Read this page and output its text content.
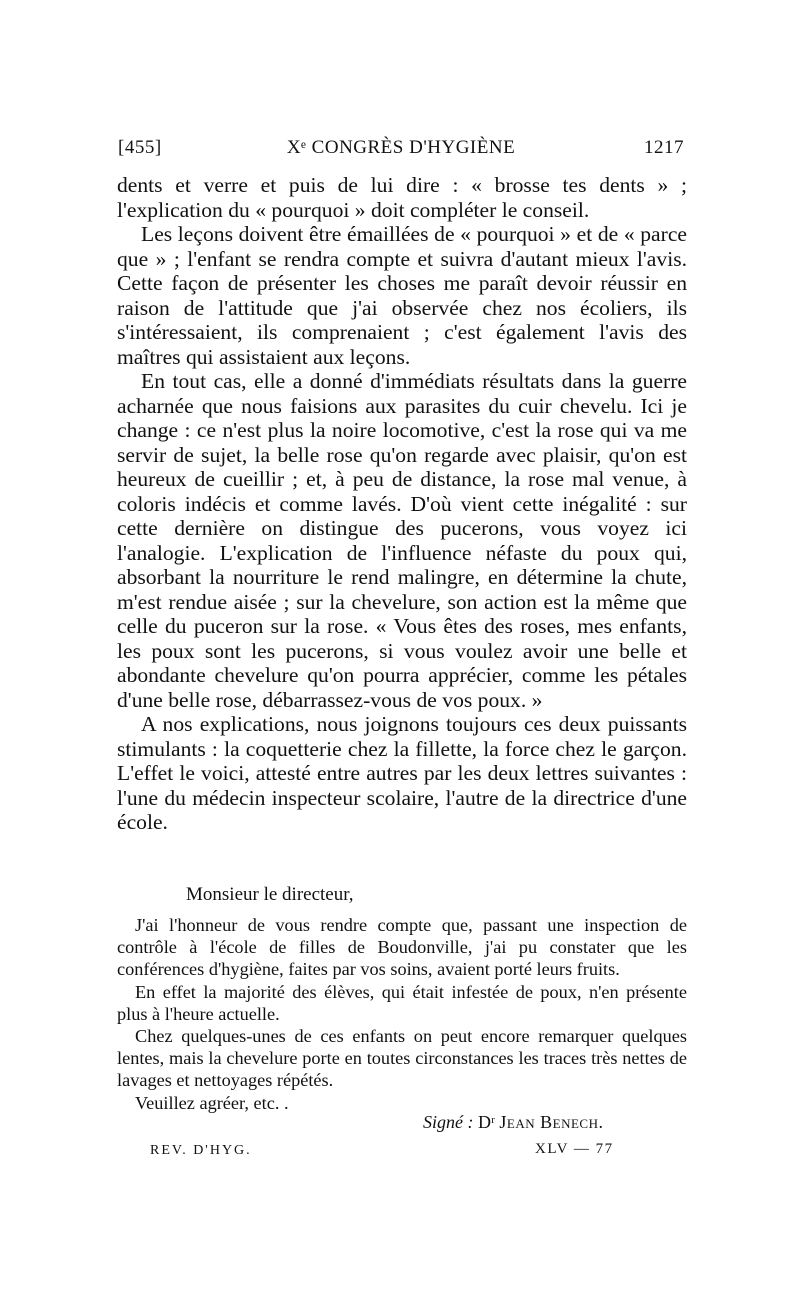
[455]	Xᵉ CONGRÈS D'HYGIÈNE	1217

dents et verre et puis de lui dire : « brosse tes dents » ; l'explication du « pourquoi » doit compléter le conseil.

Les leçons doivent être émaillées de « pourquoi » et de « parce que » ; l'enfant se rendra compte et suivra d'autant mieux l'avis. Cette façon de présenter les choses me paraît devoir réussir en raison de l'attitude que j'ai observée chez nos écoliers, ils s'intéressaient, ils comprenaient ; c'est également l'avis des maîtres qui assistaient aux leçons.

En tout cas, elle a donné d'immédiats résultats dans la guerre acharnée que nous faisions aux parasites du cuir chevelu. Ici je change : ce n'est plus la noire locomotive, c'est la rose qui va me servir de sujet, la belle rose qu'on regarde avec plaisir, qu'on est heureux de cueillir ; et, à peu de distance, la rose mal venue, à coloris indécis et comme lavés. D'où vient cette inégalité : sur cette dernière on distingue des pucerons, vous voyez ici l'analogie. L'explication de l'influence néfaste du poux qui, absorbant la nourriture le rend malingre, en détermine la chute, m'est rendue aisée ; sur la chevelure, son action est la même que celle du puceron sur la rose. « Vous êtes des roses, mes enfants, les poux sont les pucerons, si vous voulez avoir une belle et abondante chevelure qu'on pourra apprécier, comme les pétales d'une belle rose, débarrassez-vous de vos poux. »

A nos explications, nous joignons toujours ces deux puissants stimulants : la coquetterie chez la fillette, la force chez le garçon. L'effet le voici, attesté entre autres par les deux lettres suivantes : l'une du médecin inspecteur scolaire, l'autre de la directrice d'une école.

Monsieur le directeur,

J'ai l'honneur de vous rendre compte que, passant une inspection de contrôle à l'école de filles de Boudonville, j'ai pu constater que les conférences d'hygiène, faites par vos soins, avaient porté leurs fruits.

En effet la majorité des élèves, qui était infestée de poux, n'en présente plus à l'heure actuelle.

Chez quelques-unes de ces enfants on peut encore remarquer quelques lentes, mais la chevelure porte en toutes circonstances les traces très nettes de lavages et nettoyages répétés.

Veuillez agréer, etc. .

Signé : Dʳ Jean Benech.
REV. D'HYG.	XLV — 77
